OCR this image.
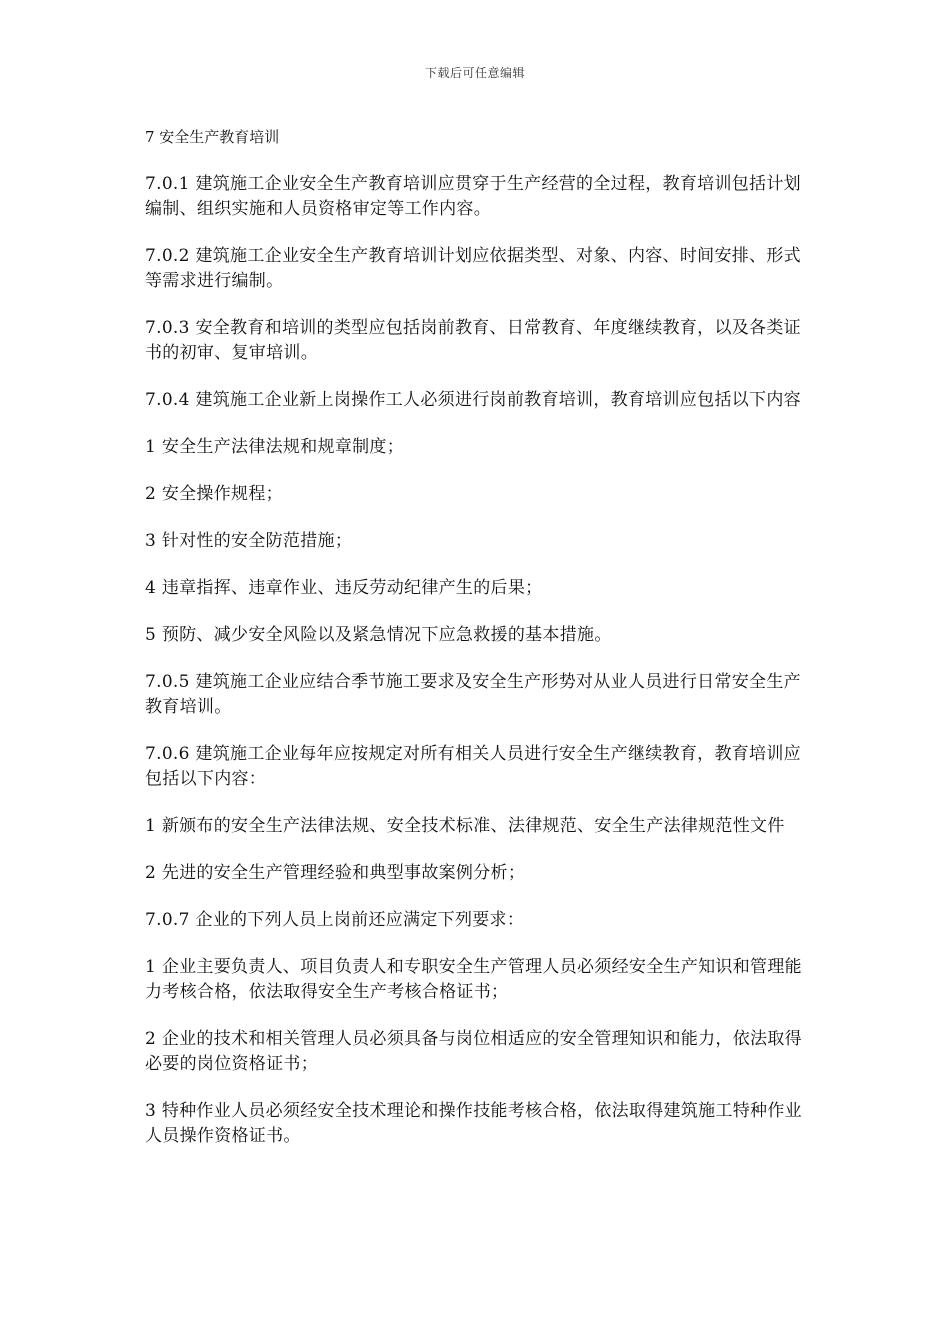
下载后可任意编辑
7 安全生产教育培训

7.0.1 建筑施工企业安全生产教育培训应贯穿于生产经营的全过程，教育培训包括计划编制、组织实施和人员资格审定等工作内容。

7.0.2 建筑施工企业安全生产教育培训计划应依据类型、对象、内容、时间安排、形式等需求进行编制。

7.0.3 安全教育和培训的类型应包括岗前教育、日常教育、年度继续教育，以及各类证书的初审、复审培训。

7.0.4 建筑施工企业新上岗操作工人必须进行岗前教育培训，教育培训应包括以下内容

1 安全生产法律法规和规章制度；

2 安全操作规程；

3 针对性的安全防范措施；

4 违章指挥、违章作业、违反劳动纪律产生的后果；

5 预防、减少安全风险以及紧急情况下应急救援的基本措施。

7.0.5 建筑施工企业应结合季节施工要求及安全生产形势对从业人员进行日常安全生产教育培训。

7.0.6 建筑施工企业每年应按规定对所有相关人员进行安全生产继续教育，教育培训应包括以下内容：

1 新颁布的安全生产法律法规、安全技术标准、法律规范、安全生产法律规范性文件

2 先进的安全生产管理经验和典型事故案例分析；

7.0.7 企业的下列人员上岗前还应满定下列要求：

1 企业主要负责人、项目负责人和专职安全生产管理人员必须经安全生产知识和管理能力考核合格，依法取得安全生产考核合格证书；

2 企业的技术和相关管理人员必须具备与岗位相适应的安全管理知识和能力，依法取得必要的岗位资格证书；

3 特种作业人员必须经安全技术理论和操作技能考核合格，依法取得建筑施工特种作业人员操作资格证书。
